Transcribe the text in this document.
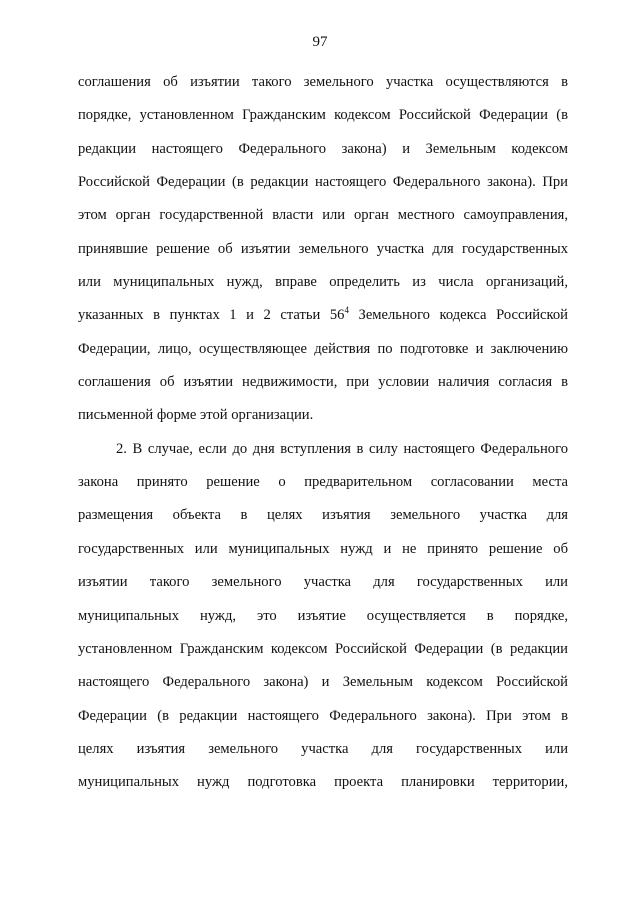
97
соглашения об изъятии такого земельного участка осуществляются в
порядке, установленном Гражданским кодексом Российской Федерации (в
редакции настоящего Федерального закона) и Земельным кодексом
Российской Федерации (в редакции настоящего Федерального закона). При
этом орган государственной власти или орган местного самоуправления,
принявшие решение об изъятии земельного участка для государственных
или муниципальных нужд, вправе определить из числа организаций,
указанных в пунктах 1 и 2 статьи $56^4$ Земельного кодекса Российской
Федерации, лицо, осуществляющее действия по подготовке и заключению
соглашения об изъятии недвижимости, при условии наличия согласия в
письменной форме этой организации.
2. В случае, если до дня вступления в силу настоящего Федерального
закона принято решение о предварительном согласовании места
размещения объекта в целях изъятия земельного участка для
государственных или муниципальных нужд и не принято решение об
изъятии такого земельного участка для государственных или
муниципальных нужд, это изъятие осуществляется в порядке,
установленном Гражданским кодексом Российской Федерации (в редакции
настоящего Федерального закона) и Земельным кодексом Российской
Федерации (в редакции настоящего Федерального закона). При этом в
целях изъятия земельного участка для государственных или
муниципальных нужд подготовка проекта планировки территории,
